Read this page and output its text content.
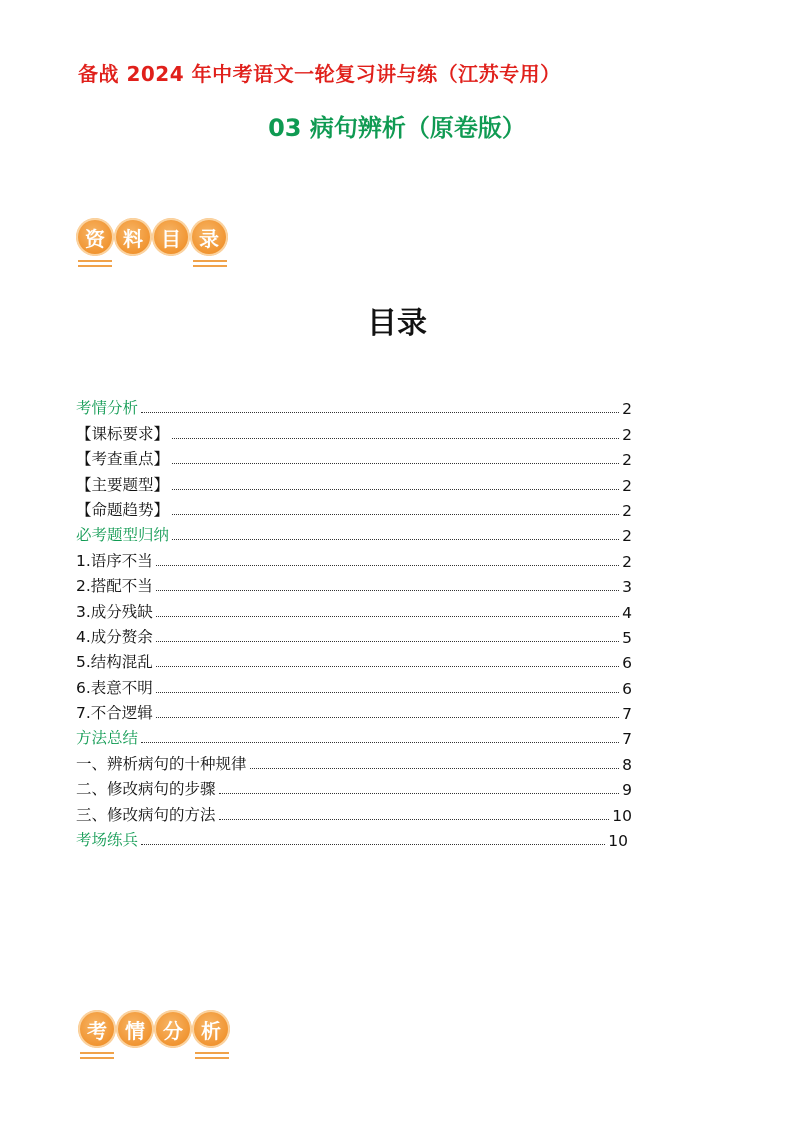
备战 2024 年中考语文一轮复习讲与练（江苏专用）
03 病句辨析（原卷版）
资 料 目 录
目录
考情分析	2
【课标要求】	2
【考查重点】	2
【主要题型】	2
【命题趋势】	2
必考题型归纳	2
1.语序不当	2
2.搭配不当	3
3.成分残缺	4
4.成分赘余	5
5.结构混乱	6
6.表意不明	6
7.不合逻辑	7
方法总结	7
一、辨析病句的十种规律	8
二、修改病句的步骤	9
三、修改病句的方法	10
考场练兵	10
考 情 分 析
